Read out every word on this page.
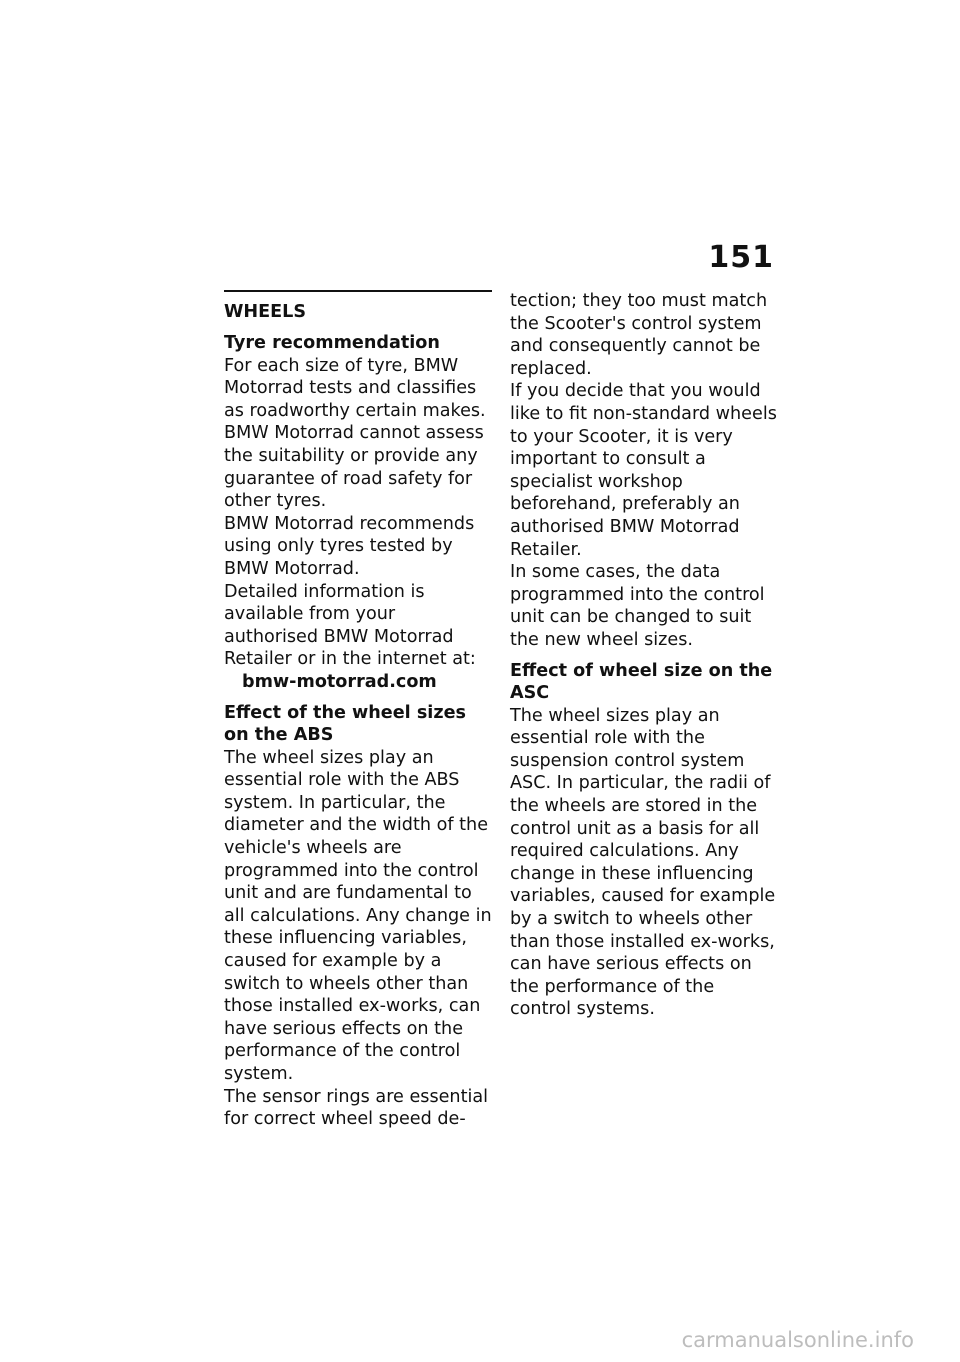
151
WHEELS
Tyre recommendation

For each size of tyre, BMW Motorrad tests and classifies as roadworthy certain makes. BMW Motorrad cannot assess the suitability or provide any guarantee of road safety for other tyres.

BMW Motorrad recommends using only tyres tested by BMW Motorrad.

Detailed information is available from your authorised BMW Motorrad Retailer or in the internet at:

bmw-motorrad.com

Effect of the wheel sizes on the ABS

The wheel sizes play an essential role with the ABS system. In particular, the diameter and the width of the vehicle's wheels are programmed into the control unit and are fundamental to all calculations. Any change in these influencing variables, caused for example by a switch to wheels other than those installed ex-works, can have serious effects on the performance of the control system.

The sensor rings are essential for correct wheel speed de-

tection; they too must match the Scooter's control system and consequently cannot be replaced.

If you decide that you would like to fit non-standard wheels to your Scooter, it is very important to consult a specialist workshop beforehand, preferably an authorised BMW Motorrad Retailer.

In some cases, the data programmed into the control unit can be changed to suit the new wheel sizes.

Effect of wheel size on the ASC

The wheel sizes play an essential role with the suspension control system ASC. In particular, the radii of the wheels are stored in the control unit as a basis for all required calculations. Any change in these influencing variables, caused for example by a switch to wheels other than those installed ex-works, can have serious effects on the performance of the control systems.

carmanualsonline.info
